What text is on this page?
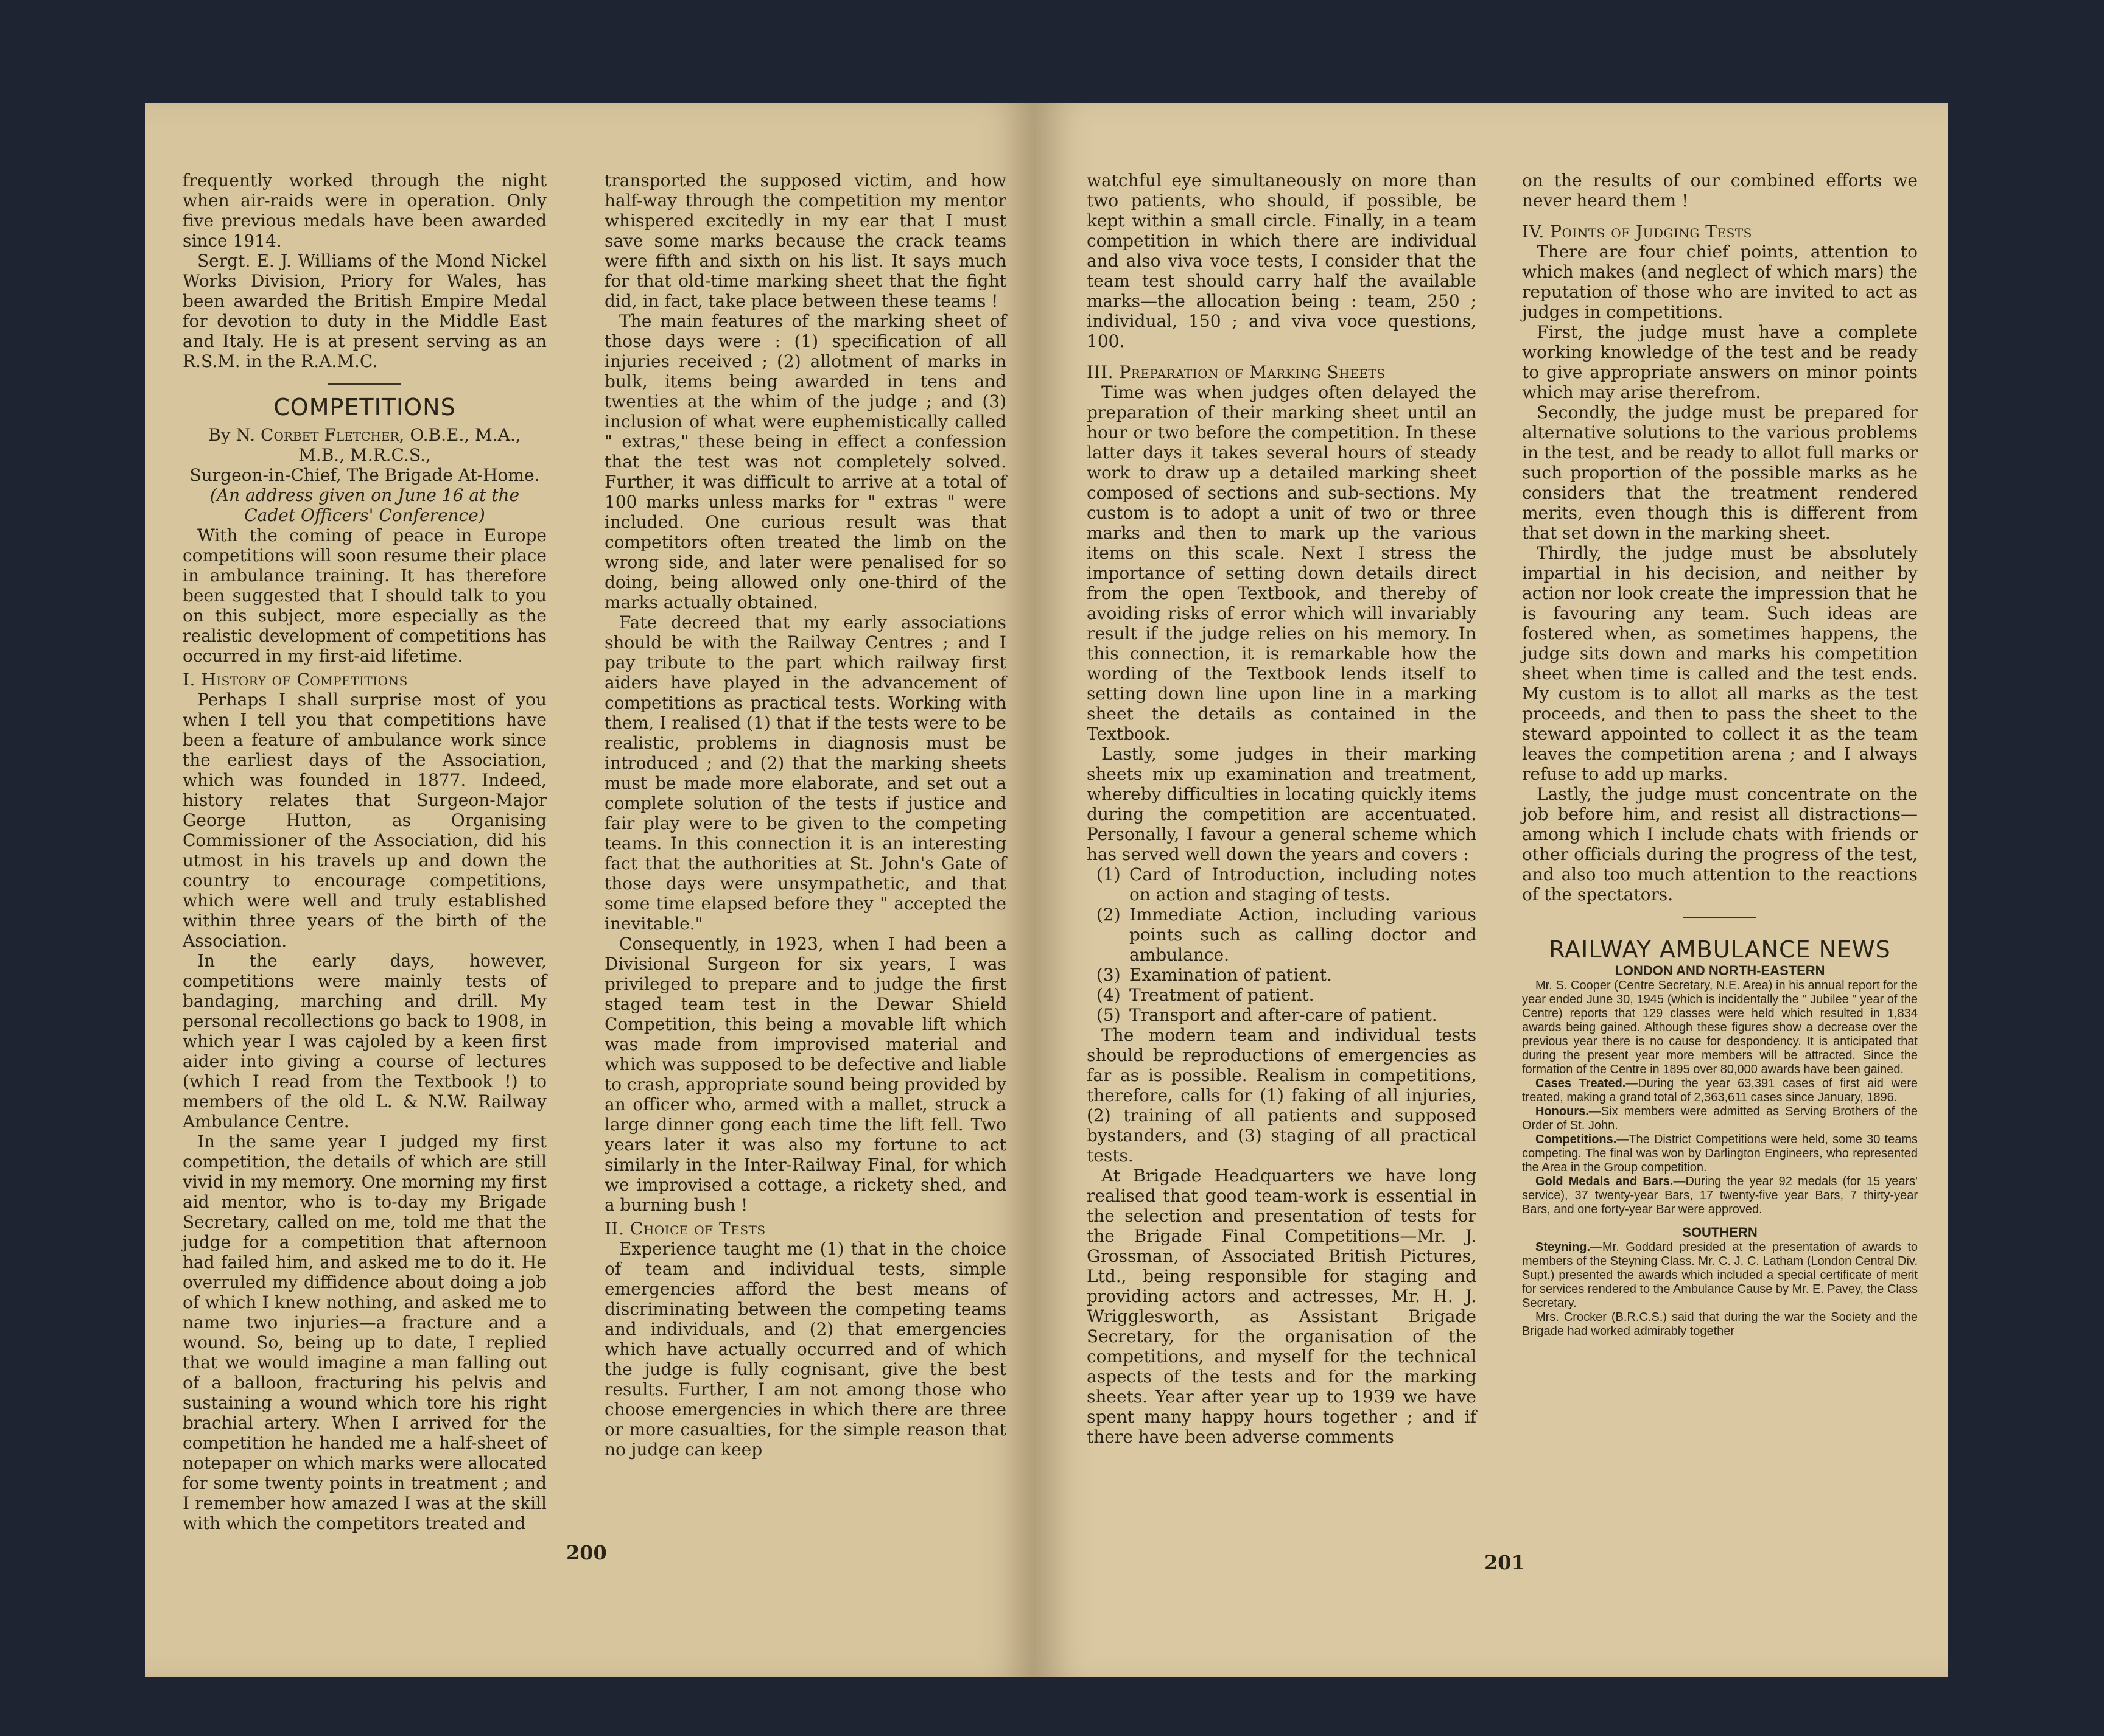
frequently worked through the night when air-raids were in operation. Only five previous medals have been awarded since 1914.

Sergt. E. J. Williams of the Mond Nickel Works Division, Priory for Wales, has been awarded the British Empire Medal for devotion to duty in the Middle East and Italy. He is at present serving as an R.S.M. in the R.A.M.C.

COMPETITIONS
By N. Corbet Fletcher, O.B.E., M.A., M.B., M.R.C.S.,
Surgeon-in-Chief, The Brigade At-Home.
(An address given on June 16 at the Cadet Officers' Conference)

With the coming of peace in Europe competitions will soon resume their place in ambulance training. It has therefore been suggested that I should talk to you on this subject, more especially as the realistic development of competitions has occurred in my first-aid lifetime.

I. History of Competitions

Perhaps I shall surprise most of you when I tell you that competitions have been a feature of ambulance work since the earliest days of the Association, which was founded in 1877. Indeed, history relates that Surgeon-Major George Hutton, as Organising Commissioner of the Association, did his utmost in his travels up and down the country to encourage competitions, which were well and truly established within three years of the birth of the Association.

In the early days, however, competitions were mainly tests of bandaging, marching and drill. My personal recollections go back to 1908, in which year I was cajoled by a keen first aider into giving a course of lectures (which I read from the Textbook !) to members of the old L. & N.W. Railway Ambulance Centre.

In the same year I judged my first competition, the details of which are still vivid in my memory. One morning my first aid mentor, who is to-day my Brigade Secretary, called on me, told me that the judge for a competition that afternoon had failed him, and asked me to do it. He overruled my diffidence about doing a job of which I knew nothing, and asked me to name two injuries—a fracture and a wound. So, being up to date, I replied that we would imagine a man falling out of a balloon, fracturing his pelvis and sustaining a wound which tore his right brachial artery. When I arrived for the competition he handed me a half-sheet of notepaper on which marks were allocated for some twenty points in treatment ; and I remember how amazed I was at the skill with which the competitors treated and

transported the supposed victim, and how half-way through the competition my mentor whispered excitedly in my ear that I must save some marks because the crack teams were fifth and sixth on his list. It says much for that old-time marking sheet that the fight did, in fact, take place between these teams !

The main features of the marking sheet of those days were : (1) specification of all injuries received ; (2) allotment of marks in bulk, items being awarded in tens and twenties at the whim of the judge ; and (3) inclusion of what were euphemistically called " extras," these being in effect a confession that the test was not completely solved. Further, it was difficult to arrive at a total of 100 marks unless marks for " extras " were included. One curious result was that competitors often treated the limb on the wrong side, and later were penalised for so doing, being allowed only one-third of the marks actually obtained.

Fate decreed that my early associations should be with the Railway Centres ; and I pay tribute to the part which railway first aiders have played in the advancement of competitions as practical tests. Working with them, I realised (1) that if the tests were to be realistic, problems in diagnosis must be introduced ; and (2) that the marking sheets must be made more elaborate, and set out a complete solution of the tests if justice and fair play were to be given to the competing teams. In this connection it is an interesting fact that the authorities at St. John's Gate of those days were unsympathetic, and that some time elapsed before they " accepted the inevitable."

Consequently, in 1923, when I had been a Divisional Surgeon for six years, I was privileged to prepare and to judge the first staged team test in the Dewar Shield Competition, this being a movable lift which was made from improvised material and which was supposed to be defective and liable to crash, appropriate sound being provided by an officer who, armed with a mallet, struck a large dinner gong each time the lift fell. Two years later it was also my fortune to act similarly in the Inter-Railway Final, for which we improvised a cottage, a rickety shed, and a burning bush !

II. Choice of Tests

Experience taught me (1) that in the choice of team and individual tests, simple emergencies afford the best means of discriminating between the competing teams and individuals, and (2) that emergencies which have actually occurred and of which the judge is fully cognisant, give the best results. Further, I am not among those who choose emergencies in which there are three or more casualties, for the simple reason that no judge can keep

200

watchful eye simultaneously on more than two patients, who should, if possible, be kept within a small circle. Finally, in a team competition in which there are individual and also viva voce tests, I consider that the team test should carry half the available marks—the allocation being : team, 250 ; individual, 150 ; and viva voce questions, 100.

III. Preparation of Marking Sheets

Time was when judges often delayed the preparation of their marking sheet until an hour or two before the competition. In these latter days it takes several hours of steady work to draw up a detailed marking sheet composed of sections and sub-sections. My custom is to adopt a unit of two or three marks and then to mark up the various items on this scale. Next I stress the importance of setting down details direct from the open Textbook, and thereby of avoiding risks of error which will invariably result if the judge relies on his memory. In this connection, it is remarkable how the wording of the Textbook lends itself to setting down line upon line in a marking sheet the details as contained in the Textbook.

Lastly, some judges in their marking sheets mix up examination and treatment, whereby difficulties in locating quickly items during the competition are accentuated. Personally, I favour a general scheme which has served well down the years and covers :

(1) Card of Introduction, including notes on action and staging of tests.
(2) Immediate Action, including various points such as calling doctor and ambulance.
(3) Examination of patient.
(4) Treatment of patient.
(5) Transport and after-care of patient.

The modern team and individual tests should be reproductions of emergencies as far as is possible. Realism in competitions, therefore, calls for (1) faking of all injuries, (2) training of all patients and supposed bystanders, and (3) staging of all practical tests.

At Brigade Headquarters we have long realised that good team-work is essential in the selection and presentation of tests for the Brigade Final Competitions—Mr. J. Grossman, of Associated British Pictures, Ltd., being responsible for staging and providing actors and actresses, Mr. H. J. Wrigglesworth, as Assistant Brigade Secretary, for the organisation of the competitions, and myself for the technical aspects of the tests and for the marking sheets. Year after year up to 1939 we have spent many happy hours together ; and if there have been adverse comments

on the results of our combined efforts we never heard them !

IV. Points of Judging Tests

There are four chief points, attention to which makes (and neglect of which mars) the reputation of those who are invited to act as judges in competitions.

First, the judge must have a complete working knowledge of the test and be ready to give appropriate answers on minor points which may arise therefrom.

Secondly, the judge must be prepared for alternative solutions to the various problems in the test, and be ready to allot full marks or such proportion of the possible marks as he considers that the treatment rendered merits, even though this is different from that set down in the marking sheet.

Thirdly, the judge must be absolutely impartial in his decision, and neither by action nor look create the impression that he is favouring any team. Such ideas are fostered when, as sometimes happens, the judge sits down and marks his competition sheet when time is called and the test ends. My custom is to allot all marks as the test proceeds, and then to pass the sheet to the steward appointed to collect it as the team leaves the competition arena ; and I always refuse to add up marks.

Lastly, the judge must concentrate on the job before him, and resist all distractions—among which I include chats with friends or other officials during the progress of the test, and also too much attention to the reactions of the spectators.

RAILWAY AMBULANCE NEWS
LONDON AND NORTH-EASTERN

Mr. S. Cooper (Centre Secretary, N.E. Area) in his annual report for the year ended June 30, 1945 (which is incidentally the " Jubilee " year of the Centre) reports that 129 classes were held which resulted in 1,834 awards being gained. Although these figures show a decrease over the previous year there is no cause for despondency. It is anticipated that during the present year more members will be attracted. Since the formation of the Centre in 1895 over 80,000 awards have been gained.

Cases Treated.—During the year 63,391 cases of first aid were treated, making a grand total of 2,363,611 cases since January, 1896.

Honours.—Six members were admitted as Serving Brothers of the Order of St. John.

Competitions.—The District Competitions were held, some 30 teams competing. The final was won by Darlington Engineers, who represented the Area in the Group competition.

Gold Medals and Bars.—During the year 92 medals (for 15 years' service), 37 twenty-year Bars, 17 twenty-five year Bars, 7 thirty-year Bars, and one forty-year Bar were approved.

SOUTHERN

Steyning.—Mr. Goddard presided at the presentation of awards to members of the Steyning Class. Mr. C. J. C. Latham (London Central Div. Supt.) presented the awards which included a special certificate of merit for services rendered to the Ambulance Cause by Mr. E. Pavey, the Class Secretary.

Mrs. Crocker (B.R.C.S.) said that during the war the Society and the Brigade had worked admirably together

201
